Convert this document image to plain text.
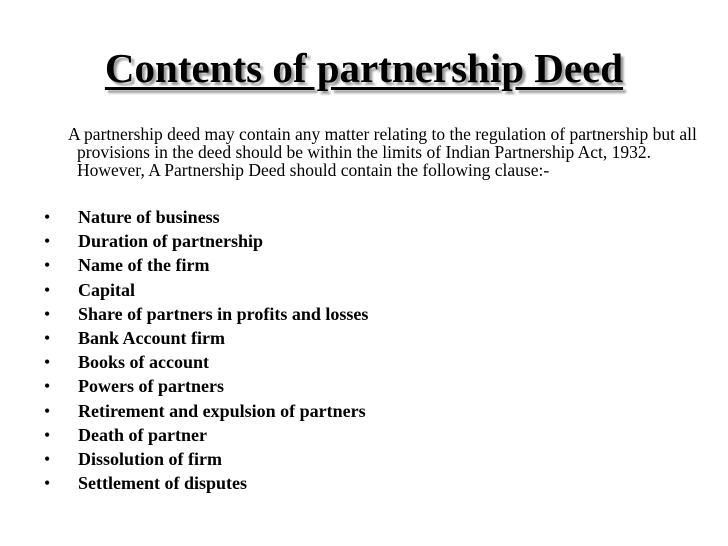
Contents of partnership Deed
A partnership deed may contain any matter relating to the regulation of partnership but all provisions in the deed should be within the limits of Indian Partnership Act, 1932. However, A Partnership Deed should contain the following clause:-
• Nature of business
• Duration of partnership
• Name of the firm
• Capital
• Share of partners in profits and losses
• Bank Account firm
• Books of account
• Powers of partners
• Retirement and expulsion of partners
• Death of partner
• Dissolution of firm
• Settlement of disputes
